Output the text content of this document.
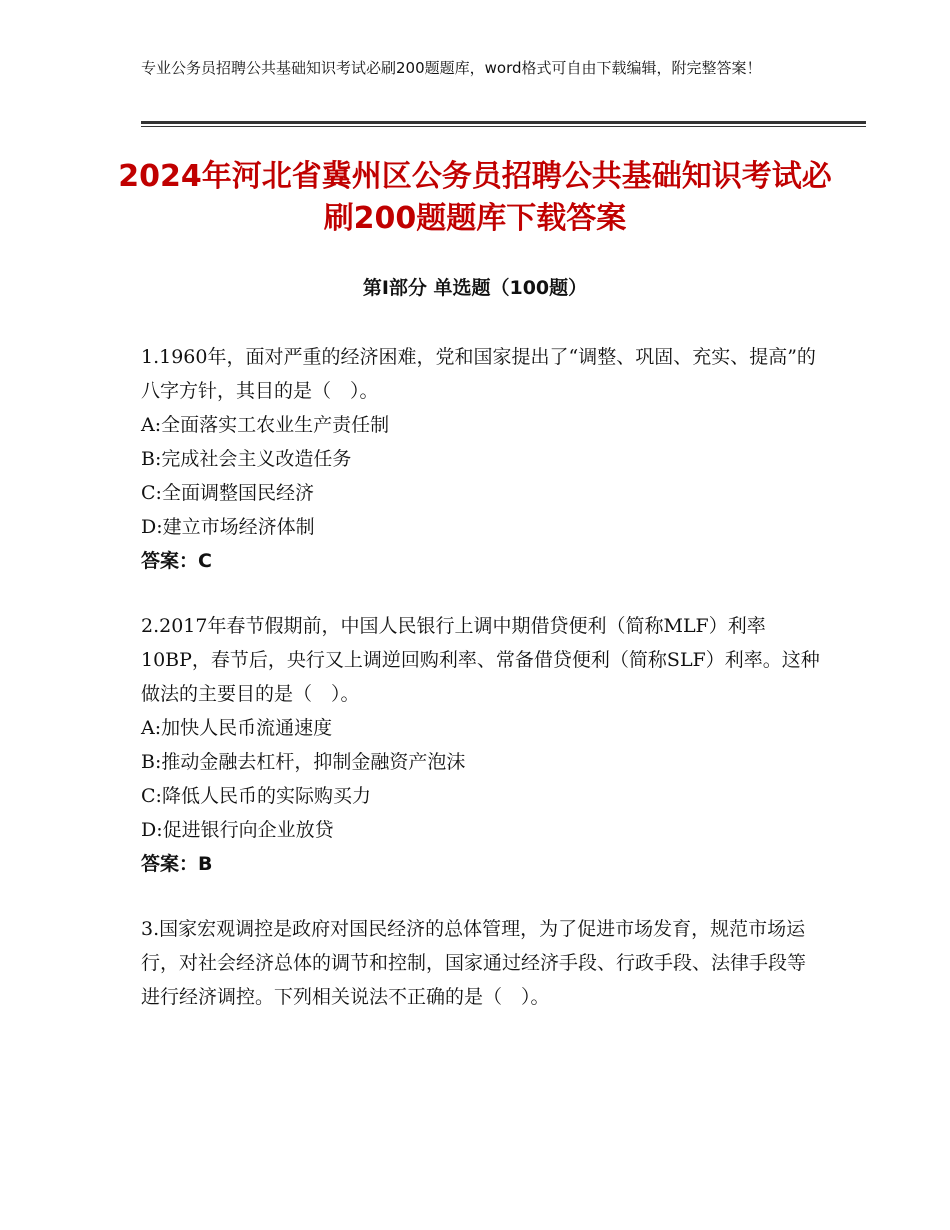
专业公务员招聘公共基础知识考试必刷200题题库，word格式可自由下载编辑，附完整答案！
2024年河北省冀州区公务员招聘公共基础知识考试必刷200题题库下载答案
第Ⅰ部分 单选题（100题）
1.1960年，面对严重的经济困难，党和国家提出了“调整、巩固、充实、提高”的八字方针，其目的是（　）。
A:全面落实工农业生产责任制
B:完成社会主义改造任务
C:全面调整国民经济
D:建立市场经济体制
答案：C
2.2017年春节假期前，中国人民银行上调中期借贷便利（简称MLF）利率10BP，春节后，央行又上调逆回购利率、常备借贷便利（简称SLF）利率。这种做法的主要目的是（　）。
A:加快人民币流通速度
B:推动金融去杠杆，抑制金融资产泡沫
C:降低人民币的实际购买力
D:促进银行向企业放贷
答案：B
3.国家宏观调控是政府对国民经济的总体管理，为了促进市场发育，规范市场运行，对社会经济总体的调节和控制，国家通过经济手段、行政手段、法律手段等进行经济调控。下列相关说法不正确的是（　）。
